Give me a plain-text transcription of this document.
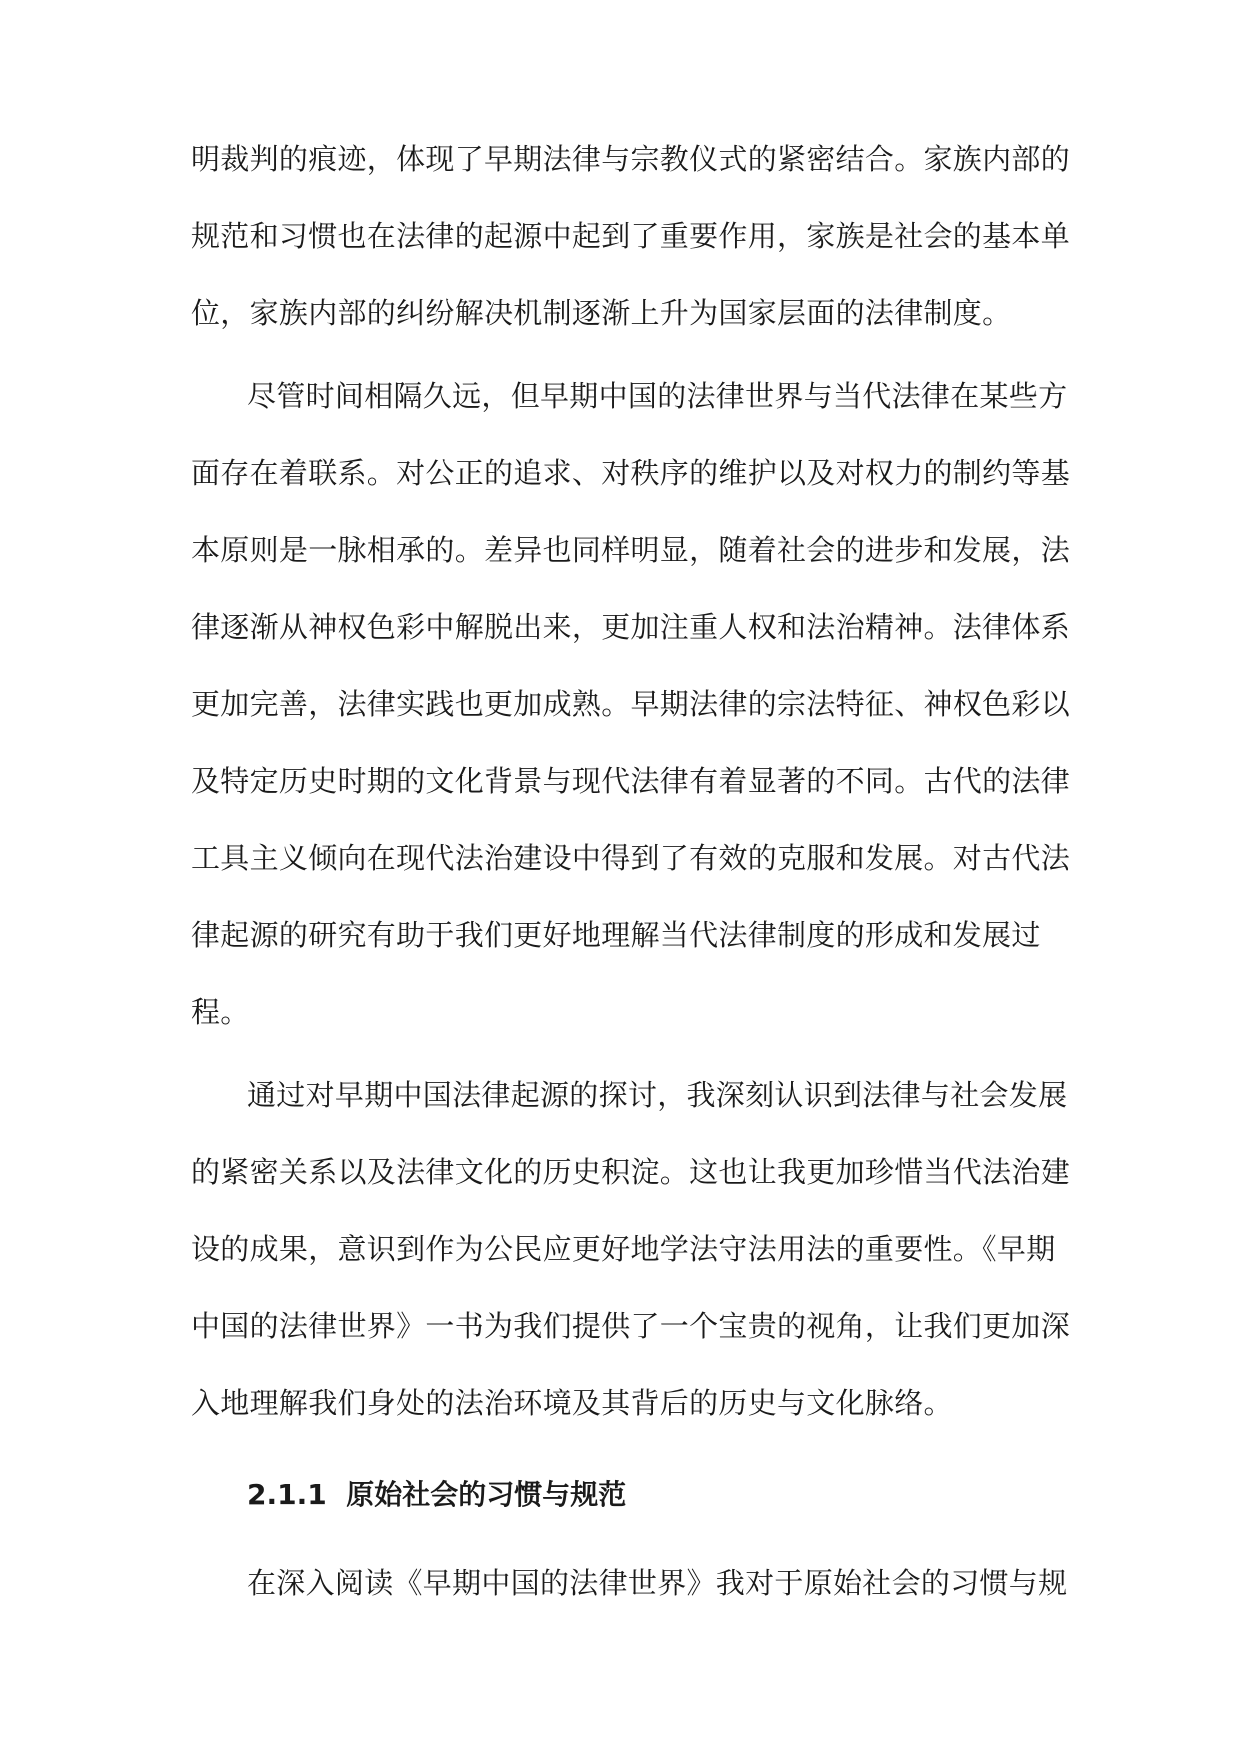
明裁判的痕迹，体现了早期法律与宗教仪式的紧密结合。家族内部的
规范和习惯也在法律的起源中起到了重要作用，家族是社会的基本单
位，家族内部的纠纷解决机制逐渐上升为国家层面的法律制度。
尽管时间相隔久远，但早期中国的法律世界与当代法律在某些方
面存在着联系。对公正的追求、对秩序的维护以及对权力的制约等基
本原则是一脉相承的。差异也同样明显，随着社会的进步和发展，法
律逐渐从神权色彩中解脱出来，更加注重人权和法治精神。法律体系
更加完善，法律实践也更加成熟。早期法律的宗法特征、神权色彩以
及特定历史时期的文化背景与现代法律有着显著的不同。古代的法律
工具主义倾向在现代法治建设中得到了有效的克服和发展。对古代法
律起源的研究有助于我们更好地理解当代法律制度的形成和发展过
程。
通过对早期中国法律起源的探讨，我深刻认识到法律与社会发展
的紧密关系以及法律文化的历史积淀。这也让我更加珍惜当代法治建
设的成果，意识到作为公民应更好地学法守法用法的重要性。《早期
中国的法律世界》一书为我们提供了一个宝贵的视角，让我们更加深
入地理解我们身处的法治环境及其背后的历史与文化脉络。
2.1.1 原始社会的习惯与规范
在深入阅读《早期中国的法律世界》我对于原始社会的习惯与规
